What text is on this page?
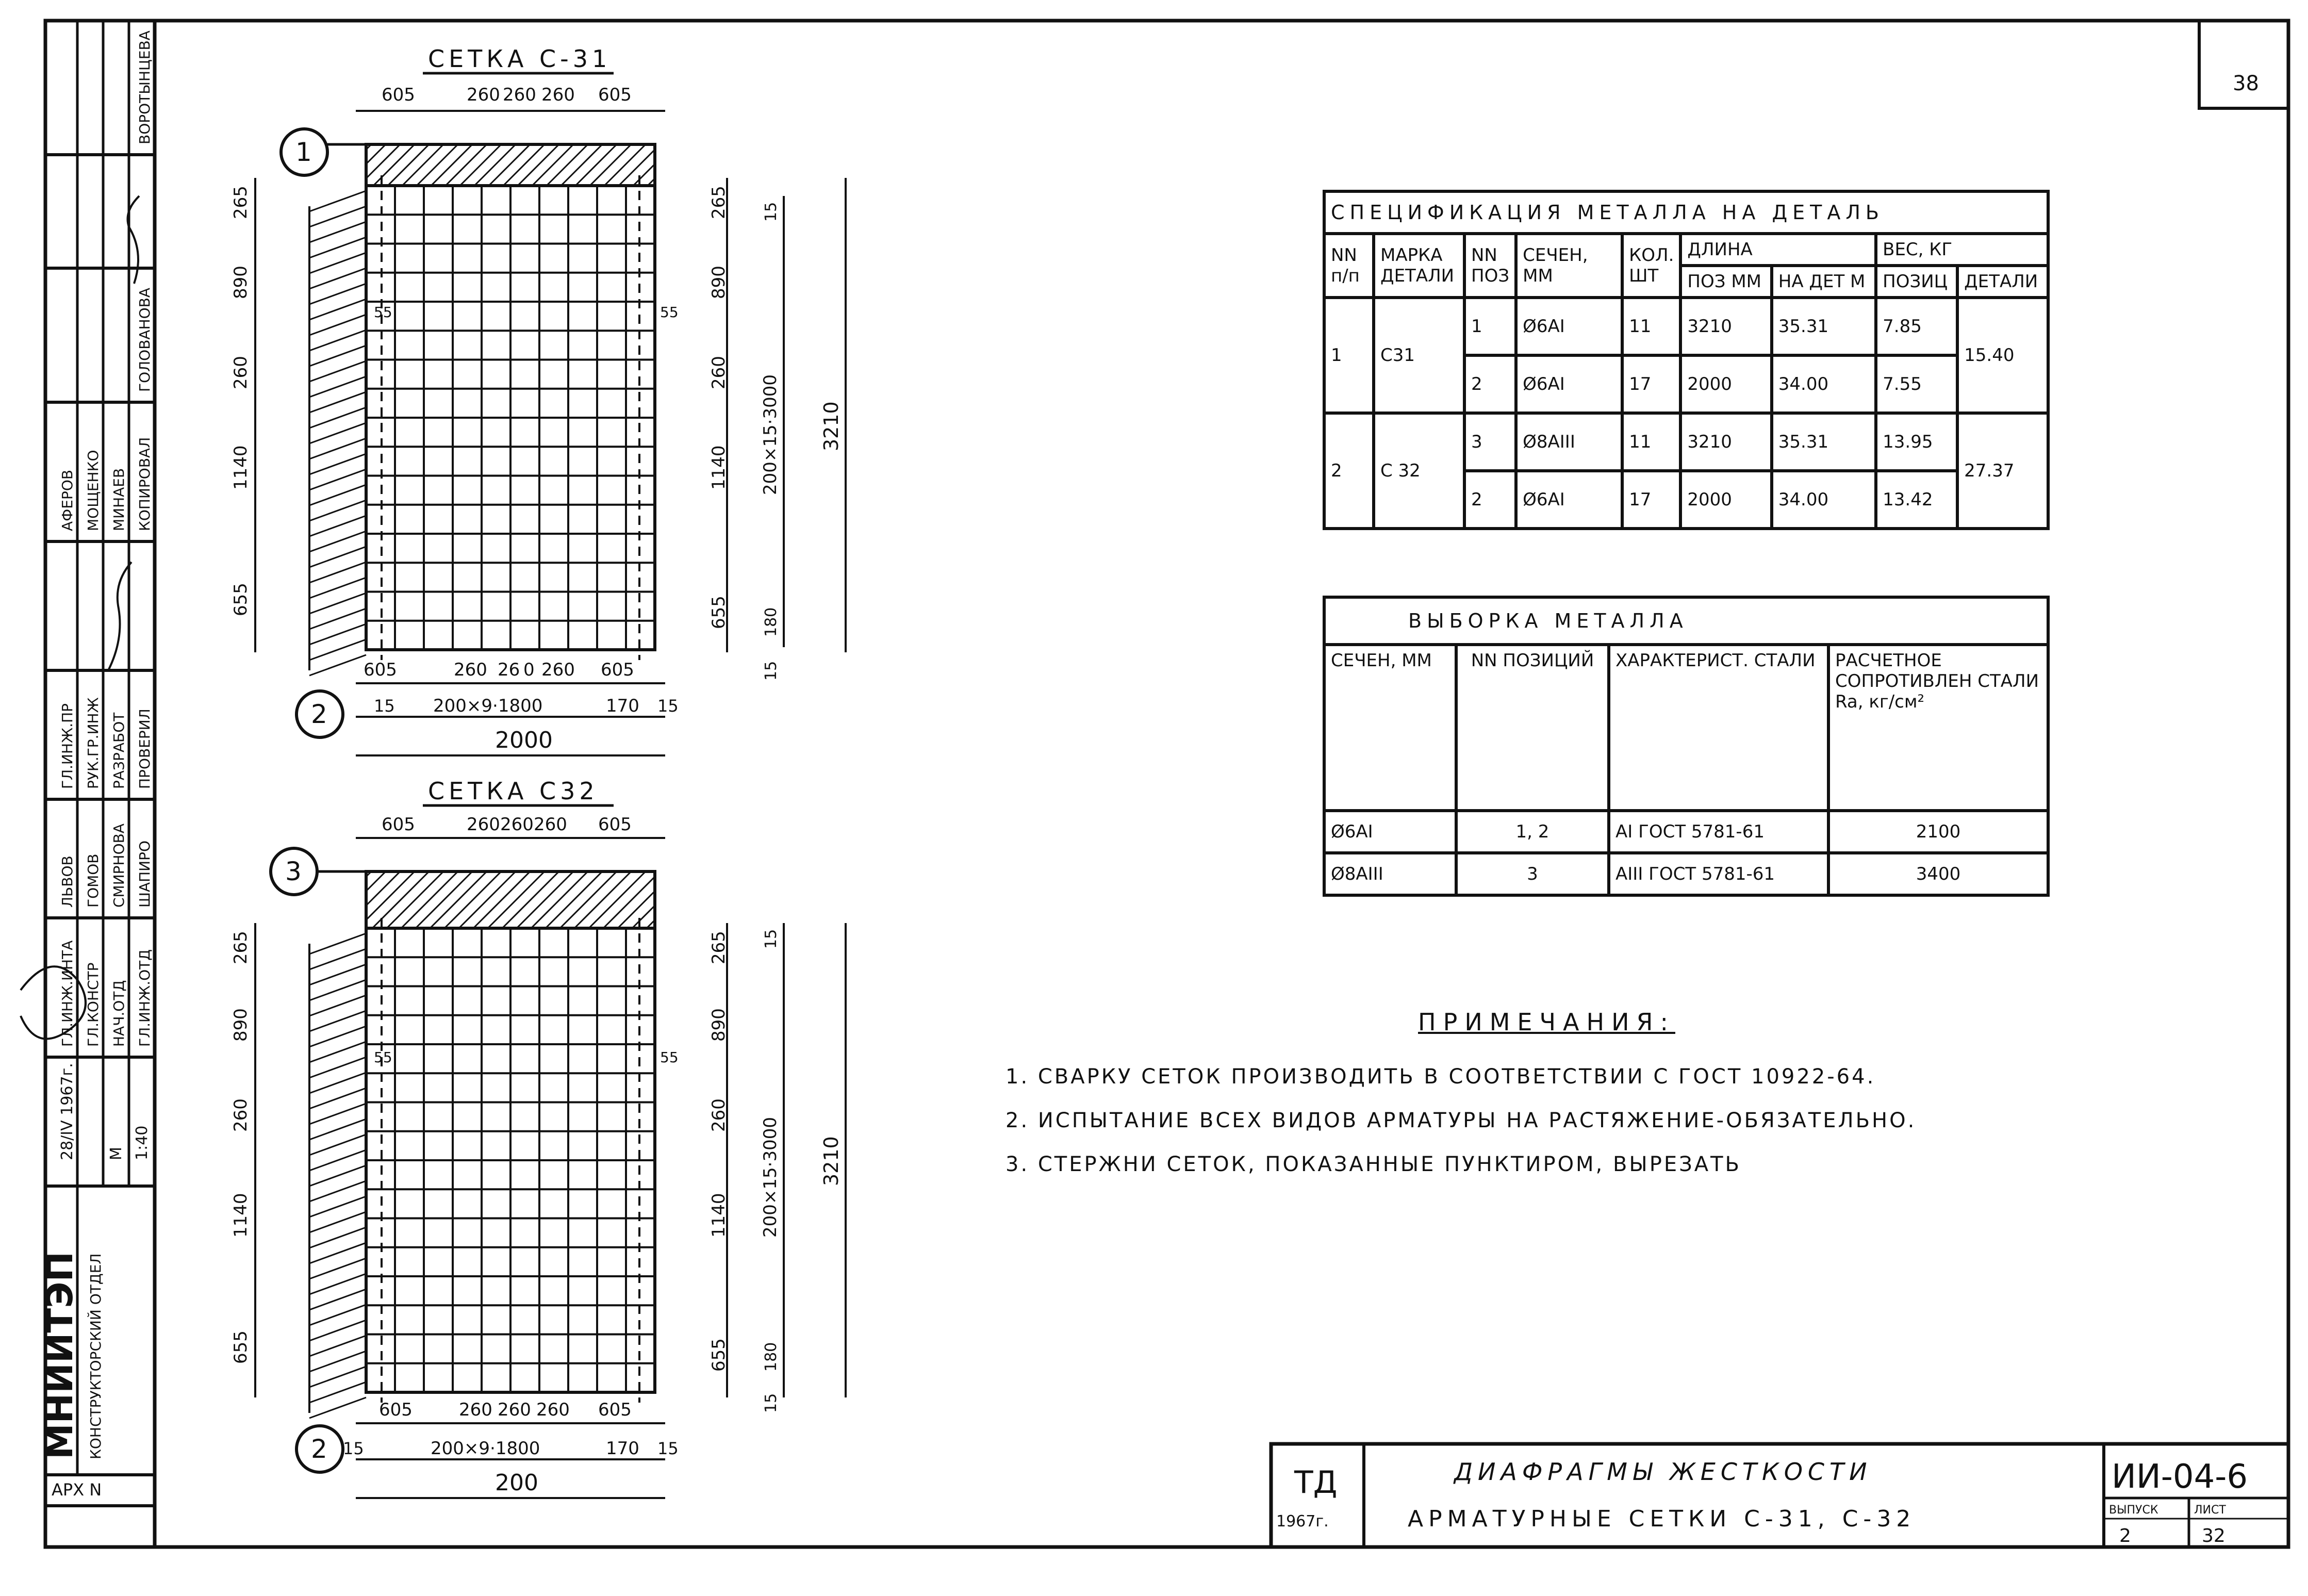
38
СЕТКА С-31
1
2
605	260 260 260 605
605	260 26 0 260 605
15 200×9·1800	170 15
2000
265
890
260
1140
655
55	55
265
890
260
1140
655
15
180
15
200×15·3000 3210
СЕТКА С32
3
2
605	260 260 260 605
605	260 260 260 605
15	200×9·1800	170 15
200
265
890
260
1140
655
55	55
265
890
260
1140
655
15
180
15
200×15·3000 3210
АРХ N
МНИИТЭП КОНСТРУКТОРСКИЙ ОТДЕЛ
28/IV 1967г. М 1:40
ГЛ.ИНЖ.ИНТА ГЛ.КОНСТР НАЧ.ОТД ГЛ.ИНЖ.ОТД
ГЛ.ИНЖ.ПР РУК.ГР.ИНЖ РАЗРАБОТ ПРОВЕРИЛ
КОПИРОВАЛ
ЛЬВОВ ГОМОВ СМИРНОВА ШАПИРО
АФЕРОВ МОЩЕНКО МИНАЕВ
ГОЛОВАНОВА
ВОРОТЫНЦЕВА
ТД
1967г.
ДИАФРАГМЫ ЖЕСТКОСТИ
АРМАТУРНЫЕ СЕТКИ С-31, С-32
ИИ-04-6
ВЫПУСК	ЛИСТ
2	32
СПЕЦИФИКАЦИЯ МЕТАЛЛА НА ДЕТАЛЬ								
NN п/п	МАРКА ДЕТАЛИ	NN ПОЗ	СЕЧЕН, ММ	КОЛ. ШТ	ДЛИНА		ВЕС, КГ	
					ПОЗ ММ	НА ДЕТ М	ПОЗИЦ	ДЕТАЛИ
1	С31	1	Ø6АI	11	3210	35.31	7.85	15.40
		2	Ø6АI	17	2000	34.00	7.55	
2	С 32	3	Ø8АIII	11	3210	35.31	13.95	27.37
		2	Ø6АI	17	2000	34.00	13.42	
ВЫБОРКА МЕТАЛЛА			
СЕЧЕН, ММ	NN ПОЗИЦИЙ	ХАРАКТЕРИСТ. СТАЛИ	РАСЧЕТНОЕ СОПРОТИВЛЕН СТАЛИ Ra, кг/см²
Ø6АI	1, 2	АI ГОСТ 5781-61	2100
Ø8АIII	3	АIII ГОСТ 5781-61	3400
ПРИМЕЧАНИЯ:
1. СВАРКУ СЕТОК ПРОИЗВОДИТЬ В СООТВЕТСТВИИ С ГОСТ 10922-64.
2. ИСПЫТАНИЕ ВСЕХ ВИДОВ АРМАТУРЫ НА РАСТЯЖЕНИЕ-ОБЯЗАТЕЛЬНО.
3. СТЕРЖНИ СЕТОК, ПОКАЗАННЫЕ ПУНКТИРОМ, ВЫРЕЗАТЬ
